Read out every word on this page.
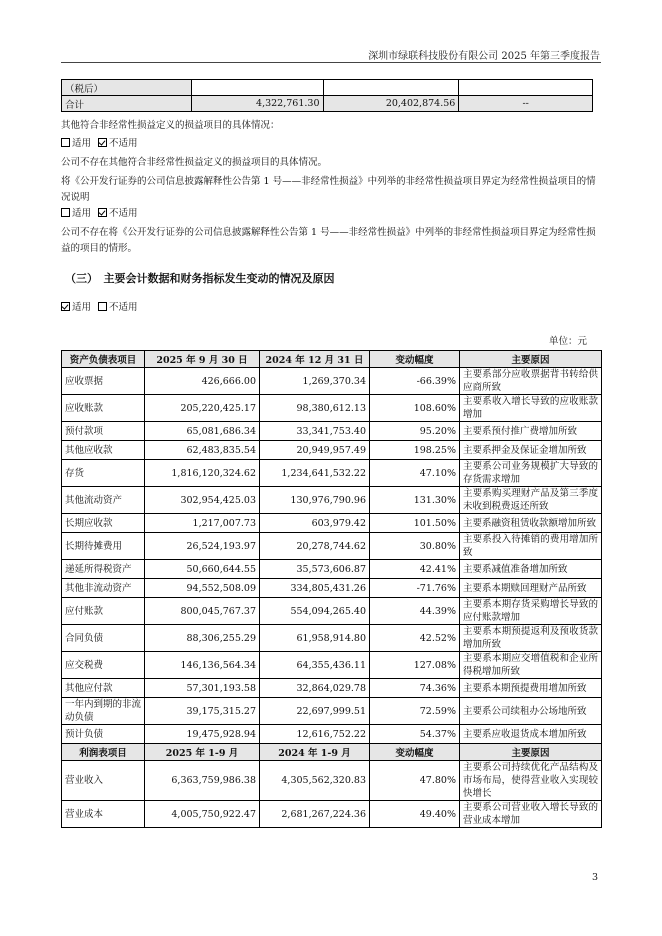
深圳市绿联科技股份有限公司 2025 年第三季度报告
（税后）			
合计	4,322,761.30	20,402,874.56	--

其他符合非经常性损益定义的损益项目的具体情况：

适用 不适用

公司不存在其他符合非经常性损益定义的损益项目的具体情况。

将《公开发行证券的公司信息披露解释性公告第 1 号——非经常性损益》中列举的非经常性损益项目界定为经常性损益项目的情况说明

适用 不适用

公司不存在将《公开发行证券的公司信息披露解释性公告第 1 号——非经常性损益》中列举的非经常性损益项目界定为经常性损益的项目的情形。

（三）　主要会计数据和财务指标发生变动的情况及原因

适用 不适用

单位：元
资产负债表项目	2025 年 9 月 30 日	2024 年 12 月 31 日	变动幅度	主要原因
应收票据	426,666.00	1,269,370.34	-66.39%	主要系部分应收票据背书转给供应商所致
应收账款	205,220,425.17	98,380,612.13	108.60%	主要系收入增长导致的应收账款增加
预付款项	65,081,686.34	33,341,753.40	95.20%	主要系预付推广费增加所致
其他应收款	62,483,835.54	20,949,957.49	198.25%	主要系押金及保证金增加所致
存货	1,816,120,324.62	1,234,641,532.22	47.10%	主要系公司业务规模扩大导致的存货需求增加
其他流动资产	302,954,425.03	130,976,790.96	131.30%	主要系购买理财产品及第三季度未收到税费返还所致
长期应收款	1,217,007.73	603,979.42	101.50%	主要系融资租赁收款额增加所致
长期待摊费用	26,524,193.97	20,278,744.62	30.80%	主要系投入待摊销的费用增加所致
递延所得税资产	50,660,644.55	35,573,606.87	42.41%	主要系减值准备增加所致
其他非流动资产	94,552,508.09	334,805,431.26	-71.76%	主要系本期赎回理财产品所致
应付账款	800,045,767.37	554,094,265.40	44.39%	主要系本期存货采购增长导致的应付账款增加
合同负债	88,306,255.29	61,958,914.80	42.52%	主要系本期预提返利及预收货款增加所致
应交税费	146,136,564.34	64,355,436.11	127.08%	主要系本期应交增值税和企业所得税增加所致
其他应付款	57,301,193.58	32,864,029.78	74.36%	主要系本期预提费用增加所致
一年内到期的非流动负债	39,175,315.27	22,697,999.51	72.59%	主要系公司续租办公场地所致
预计负债	19,475,928.94	12,616,752.22	54.37%	主要系应收退货成本增加所致
利润表项目	2025 年 1-9 月	2024 年 1-9 月	变动幅度	主要原因
营业收入	6,363,759,986.38	4,305,562,320.83	47.80%	主要系公司持续优化产品结构及市场布局，使得营业收入实现较快增长
营业成本	4,005,750,922.47	2,681,267,224.36	49.40%	主要系公司营业收入增长导致的营业成本增加
3
